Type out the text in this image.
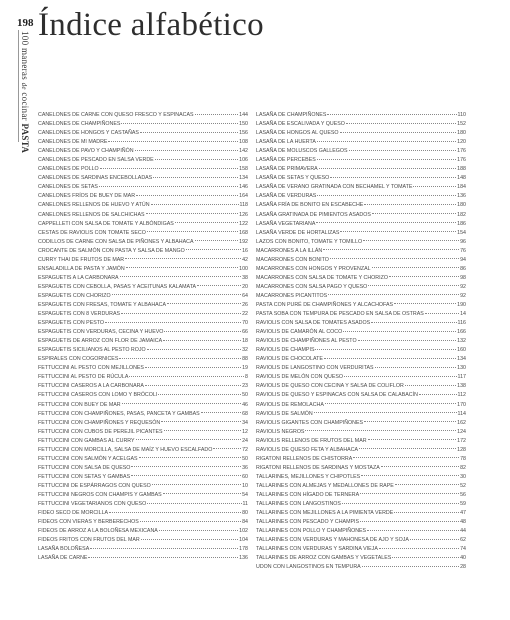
198
100 maneras de cocinar PASTA
Índice alfabético
CANELONES DE CARNE CON QUESO FRESCO Y ESPINACAS	144
CANELONES DE CHAMPIÑONES	150
CANELONES DE HONGOS Y CASTAÑAS	156
CANELONES DE MI MADRE	108
CANELONES DE PAVO Y CHAMPIÑÓN	142
CANELONES DE PESCADO EN SALSA VERDE	106
CANELONES DE POLLO	158
CANELONES DE SARDINAS ENCEBOLLADAS	134
CANELONES DE SETAS	146
CANELONES FRÍOS DE BUEY DE MAR	164
CANELONES RELLENOS DE HUEVO Y ATÚN	118
CANELONES RELLENOS DE SALCHICHAS	126
CAPPELLETI CON SALSA DE TOMATE Y ALBÓNDIGAS	122
CESTAS DE RAVIOLIS CON TOMATE SECO	168
CODILLOS DE CARNE CON SALSA DE PIÑONES Y ALBAHACA	192
CROCANTE DE SALMÓN CON PASTA Y SALSA DE MANGO	16
CURRY THAI DE FRUTOS DE MAR	42
ENSALADILLA DE PASTA Y JAMÓN	100
ESPAGUETIS A LA CARBONARA	38
ESPAGUETIS CON CEBOLLA, PASAS Y ACEITUNAS KALAMATA	20
ESPAGUETIS CON CHORIZO	64
ESPAGUETIS CON FRESAS, TOMATE Y ALBAHACA	26
ESPAGUETIS CON 8 VERDURAS	22
ESPAGUETIS CON PESTO	70
ESPAGUETIS CON VERDURAS, CECINA Y HUEVO	66
ESPAGUETIS DE ARROZ CON FLOR DE JAMAICA	18
ESPAGUETIS SICILIANOS AL PESTO ROJO	32
ESPIRALES CON COGORNICES	88
FETTUCCINI AL PESTO CON MEJILLONES	19
FETTUCCINI AL PESTO DE RÚCULA	8
FETTUCCINI CASEROS A LA CARBONARA	23
FETTUCCINI CASEROS CON LOMO Y BRÓCOLI	50
FETTUCCINI CON BUEY DE MAR	46
FETTUCCINI CON CHAMPIÑONES, PASAS, PANCETA Y GAMBAS	68
FETTUCCINI CON CHAMPIÑONES Y REQUESÓN	34
FETTUCCINI CON CUBOS DE PEREJIL PICANTES	12
FETTUCCINI CON GAMBAS AL CURRY	24
FETTUCCINI CON MORCILLA, SALSA DE MAÍZ Y HUEVO ESCALFADO	72
FETTUCCINI CON SALMÓN Y ACELGAS	50
FETTUCCINI CON SALSA DE QUESO	36
FETTUCCINI CON SETAS Y GAMBAS	60
FETTUCCINI DE ESPÁRRAGOS CON QUESO	10
FETTUCCINI NEGROS CON CHAMPIS Y GAMBAS	54
FETTUCCINI VEGETARIANOS CON QUESO	11
FIDEO SECO DE MORCILLA	80
FIDEOS CON VIERAS Y BERBERECHOS	84
FIDEOS DE ARROZ A LA BOLOÑESA MEXICANA	102
FIDEOS FRITOS CON FRUTOS DEL MAR	104
LASAÑA BOLOÑESA	178
LASAÑA DE CARNE	136
LASAÑA DE CHAMPIÑONES	110
LASAÑA DE ESCALIVADA Y QUESO	152
LASAÑA DE HONGOS AL QUESO	180
LASAÑA DE LA HUERTA	120
LASAÑA DE MOLUSCOS GALLEGOS	176
LASAÑA DE PERCEBES	176
LASAÑA DE PRIMAVERA	188
LASAÑA DE SETAS Y QUESO	148
LASAÑA DE VERANO GRATINADA CON BECHAMEL Y TOMATE	184
LASAÑA DE VERDURAS	136
LASAÑA FRÍA DE BONITO EN ESCABECHE	180
LASAÑA GRATINADA DE PIMIENTOS ASADOS	182
LASAÑA VEGETARIANA	186
LASAÑA VERDE DE HORTALIZAS	154
LAZOS CON BONITO, TOMATE Y TOMILLO	96
MACARRONES A LA ILLÁN	76
MACARRONES CON BONITO	94
MACARRONES CON HONGOS Y PROVENZAL	86
MACARRONES CON SALSA DE TOMATE Y CHORIZO	98
MACARRONES CON SALSA PAGO Y QUESO	92
MACARRONES PICANTITOS	92
PASTA CON PURÉ DE CHAMPIÑONES Y ALCACHOFAS	190
PASTA SOBA CON TEMPURA DE PESCADO EN SALSA DE OSTRAS	14
RAVIOLIS CON SALSA DE TOMATES ASADOS	116
RAVIOLIS DE CAMARÓN AL COCO	166
RAVIOLIS DE CHAMPIÑONES AL PESTO	132
RAVIOLIS DE CHAMPIS	160
RAVIOLIS DE CHOCOLATE	134
RAVIOLIS DE LANGOSTINO CON VERDURITAS	130
RAVIOLIS DE MELÓN CON QUESO	117
RAVIOLIS DE QUESO CON CECINA Y SALSA DE COLIFLOR	138
RAVIOLIS DE QUESO Y ESPINACAS CON SALSA DE CALABACÍN	112
RAVIOLIS DE REMOLACHA	170
RAVIOLIS DE SALMÓN	114
RAVIOLIS GIGANTES CON CHAMPIÑONES	162
RAVIOLIS NEGROS	124
RAVIOLIS RELLENOS DE FRUTOS DEL MAR	172
RAVIOLIS DE QUESO FETA Y ALBAHACA	128
RIGATONI RELLENOS DE CHISTORRA	78
RIGATONI RELLENOS DE SARDINAS Y MOSTAZA	82
TALLARINES, MEJILLONES Y CHIPOTLES	30
TALLARINES CON ALMEJAS Y MEDALLONES DE RAPE	52
TALLARINES CON HÍGADO DE TERNERA	56
TALLARINES CON LANGOSTINOS	59
TALLARINES CON MEJILLONES A LA PIMIENTA VERDE	47
TALLARINES CON PESCADO Y CHAMPIS	48
TALLARINES CON POLLO Y CHAMPIÑONES	44
TALLARINES CON VERDURAS Y MAHONESA DE AJO Y SOJA	62
TALLARINES CON VERDURAS Y SARDINA VIEJA	74
TALLARINES DE ARROZ CON GAMBAS Y VEGETALES	40
UDON CON LANGOSTINOS EN TEMPURA	28
